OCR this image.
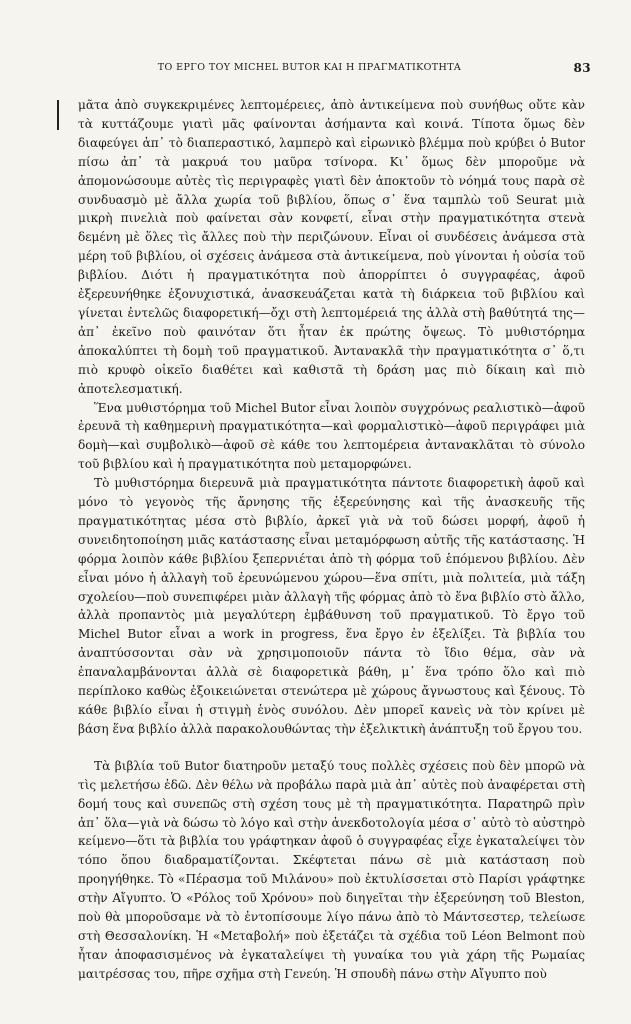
ΤΟ ΕΡΓΟ ΤΟΥ MICHEL BUTOR ΚΑΙ Η ΠΡΑΓΜΑΤΙΚΟΤΗΤΑ	83

μᾶτα ἀπὸ συγκεκριμένες λεπτομέρειες, ἀπὸ ἀντικείμενα ποὺ συνήθως οὔτε κὰν τὰ κυττάζουμε γιατὶ μᾶς φαίνονται ἀσήμαντα καὶ κοινά. Τίποτα ὅμως δὲν διαφεύγει ἀπ᾿ τὸ διαπεραστικό, λαμπερὸ καὶ εἰρωνικὸ βλέμμα ποὺ κρύβει ὁ Butor πίσω ἀπ᾿ τὰ μακρυά του μαῦρα τσίνορα. Κι᾿ ὅμως δὲν μποροῦμε νὰ ἀπομονώσουμε αὐτὲς τὶς περιγραφὲς γιατὶ δὲν ἀποκτοῦν τὸ νόημά τους παρὰ σὲ συνδυασμὸ μὲ ἄλλα χωρία τοῦ βιβλίου, ὅπως σ᾿ ἕνα ταμπλὼ τοῦ Seurat μιὰ μικρὴ πινελιὰ ποὺ φαίνεται σὰν κονφετί, εἶναι στὴν πραγματικότητα στενὰ δεμένη μὲ ὅλες τὶς ἄλλες ποὺ τὴν περιζώνουν. Εἶναι οἱ συνδέσεις ἀνάμεσα στὰ μέρη τοῦ βιβλίου, οἱ σχέσεις ἀνάμεσα στὰ ἀντικείμενα, ποὺ γίνονται ἡ οὐσία τοῦ βιβλίου. Διότι ἡ πραγματικότητα ποὺ ἀπορρίπτει ὁ συγγραφέας, ἀφοῦ ἐξερευνήθηκε ἐξονυχιστικά, ἀνασκευάζεται κατὰ τὴ διάρκεια τοῦ βιβλίου καὶ γίνεται ἐντελῶς διαφορετική—ὄχι στὴ λεπτομέρειά της ἀλλὰ στὴ βαθύτητά της—ἀπ᾿ ἐκεῖνο ποὺ φαινόταν ὅτι ἦταν ἐκ πρώτης ὄψεως. Τὸ μυθιστόρημα ἀποκαλύπτει τὴ δομὴ τοῦ πραγματικοῦ. Ἀντανακλᾶ τὴν πραγματικότητα σ᾿ ὅ,τι πιὸ κρυφὸ οἰκεῖο διαθέτει καὶ καθιστᾶ τὴ δράση μας πιὸ δίκαιη καὶ πιὸ ἀποτελεσματική.

Ἕνα μυθιστόρημα τοῦ Michel Butor εἶναι λοιπὸν συγχρόνως ρεαλιστικὸ—ἀφοῦ ἐρευνᾶ τὴ καθημερινὴ πραγματικότητα—καὶ φορμαλιστικὸ—ἀφοῦ περιγράφει μιὰ δομὴ—καὶ συμβολικὸ—ἀφοῦ σὲ κάθε του λεπτομέρεια ἀντανακλᾶται τὸ σύνολο τοῦ βιβλίου καὶ ἡ πραγματικότητα ποὺ μεταμορφώνει.

Τὸ μυθιστόρημα διερευνᾶ μιὰ πραγματικότητα πάντοτε διαφορετικὴ ἀφοῦ καὶ μόνο τὸ γεγονὸς τῆς ἄρνησης τῆς ἐξερεύνησης καὶ τῆς ἀνασκευῆς τῆς πραγματικότητας μέσα στὸ βιβλίο, ἀρκεῖ γιὰ νὰ τοῦ δώσει μορφή, ἀφοῦ ἡ συνειδητοποίηση μιᾶς κατάστασης εἶναι μεταμόρφωση αὐτῆς τῆς κατάστασης. Ἡ φόρμα λοιπὸν κάθε βιβλίου ξεπερνιέται ἀπὸ τὴ φόρμα τοῦ ἑπόμενου βιβλίου. Δὲν εἶναι μόνο ἡ ἀλλαγὴ τοῦ ἐρευνώμενου χώρου—ἕνα σπίτι, μιὰ πολιτεία, μιὰ τάξη σχολείου—ποὺ συνεπιφέρει μιὰν ἀλλαγὴ τῆς φόρμας ἀπὸ τὸ ἕνα βιβλίο στὸ ἄλλο, ἀλλὰ προπαντὸς μιὰ μεγαλύτερη ἐμβάθυνση τοῦ πραγματικοῦ. Τὸ ἔργο τοῦ Michel Butor εἶναι a work in progress, ἕνα ἔργο ἐν ἐξελίξει. Τὰ βιβλία του ἀναπτύσσονται σὰν νὰ χρησιμοποιοῦν πάντα τὸ ἴδιο θέμα, σὰν νὰ ἐπαναλαμβάνονται ἀλλὰ σὲ διαφορετικὰ βάθη, μ᾿ ἕνα τρόπο ὅλο καὶ πιὸ περίπλοκο καθὼς ἐξοικειώνεται στενώτερα μὲ χώρους ἄγνωστους καὶ ξένους. Τὸ κάθε βιβλίο εἶναι ἡ στιγμὴ ἑνὸς συνόλου. Δὲν μπορεῖ κανεὶς νὰ τὸν κρίνει μὲ βάση ἕνα βιβλίο ἀλλὰ παρακολουθώντας τὴν ἐξελικτικὴ ἀνάπτυξη τοῦ ἔργου του.

Τὰ βιβλία τοῦ Butor διατηροῦν μεταξύ τους πολλὲς σχέσεις ποὺ δὲν μπορῶ νὰ τὶς μελετήσω ἐδῶ. Δὲν θέλω νὰ προβάλω παρὰ μιὰ ἀπ᾿ αὐτὲς ποὺ ἀναφέρεται στὴ δομή τους καὶ συνεπῶς στὴ σχέση τους μὲ τὴ πραγματικότητα. Παρατηρῶ πρὶν ἀπ᾿ ὅλα—γιὰ νὰ δώσω τὸ λόγο καὶ στὴν ἀνεκδοτολογία μέσα σ᾿ αὐτὸ τὸ αὐστηρὸ κείμενο—ὅτι τὰ βιβλία του γράφτηκαν ἀφοῦ ὁ συγγραφέας εἶχε ἐγκαταλείψει τὸν τόπο ὅπου διαδραματίζονται. Σκέφτεται πάνω σὲ μιὰ κατάσταση ποὺ προηγήθηκε. Τὸ «Πέρασμα τοῦ Μιλάνου» ποὺ ἐκτυλίσσεται στὸ Παρίσι γράφτηκε στὴν Αἴγυπτο. Ὁ «Ρόλος τοῦ Χρόνου» ποὺ διηγεῖται τὴν ἐξερεύνηση τοῦ Bleston, ποὺ θὰ μποροῦσαμε νὰ τὸ ἐντοπίσουμε λίγο πάνω ἀπὸ τὸ Μάντσεστερ, τελείωσε στὴ Θεσσαλονίκη. Ἡ «Μεταβολή» ποὺ ἐξετάζει τὰ σχέδια τοῦ Léon Belmont ποὺ ἦταν ἀποφασισμένος νὰ ἐγκαταλείψει τὴ γυναίκα του γιὰ χάρη τῆς Ρωμαίας μαιτρέσσας του, πῆρε σχῆμα στὴ Γενεύη. Ἡ σπουδὴ πάνω στὴν Αἴγυπτο ποὺ
